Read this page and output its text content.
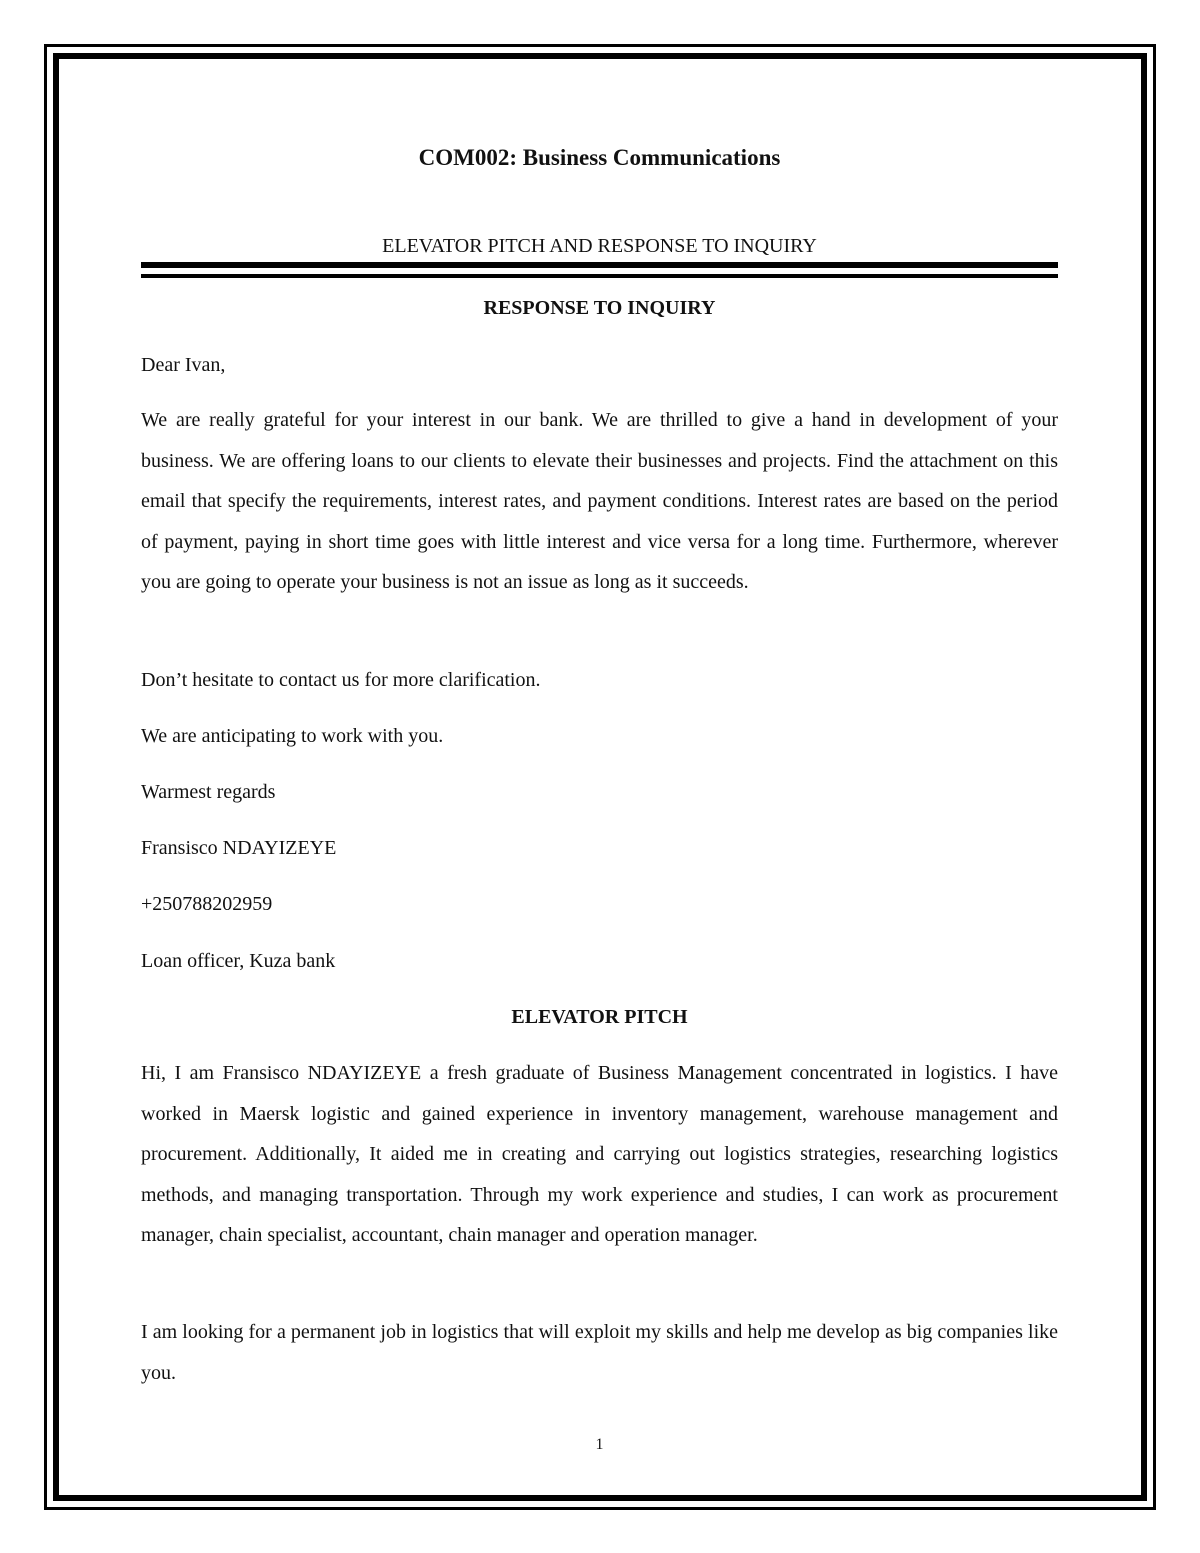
COM002: Business Communications
ELEVATOR PITCH AND RESPONSE TO INQUIRY
RESPONSE TO INQUIRY
Dear Ivan,

We are really grateful for your interest in our bank. We are thrilled to give a hand in development of your business. We are offering loans to our clients to elevate their businesses and projects. Find the attachment on this email that specify the requirements, interest rates, and payment conditions. Interest rates are based on the period of payment, paying in short time goes with little interest and vice versa for a long time. Furthermore, wherever you are going to operate your business is not an issue as long as it succeeds.

Don’t hesitate to contact us for more clarification.
We are anticipating to work with you.
Warmest regards
Fransisco NDAYIZEYE
+250788202959
Loan officer, Kuza bank
ELEVATOR PITCH

Hi, I am Fransisco NDAYIZEYE a fresh graduate of Business Management concentrated in logistics. I have worked in Maersk logistic and gained experience in inventory management, warehouse management and procurement. Additionally, It aided me in creating and carrying out logistics strategies, researching logistics methods, and managing transportation. Through my work experience and studies, I can work as procurement manager, chain specialist, accountant, chain manager and operation manager.

I am looking for a permanent job in logistics that will exploit my skills and help me develop as big companies like you.

1
